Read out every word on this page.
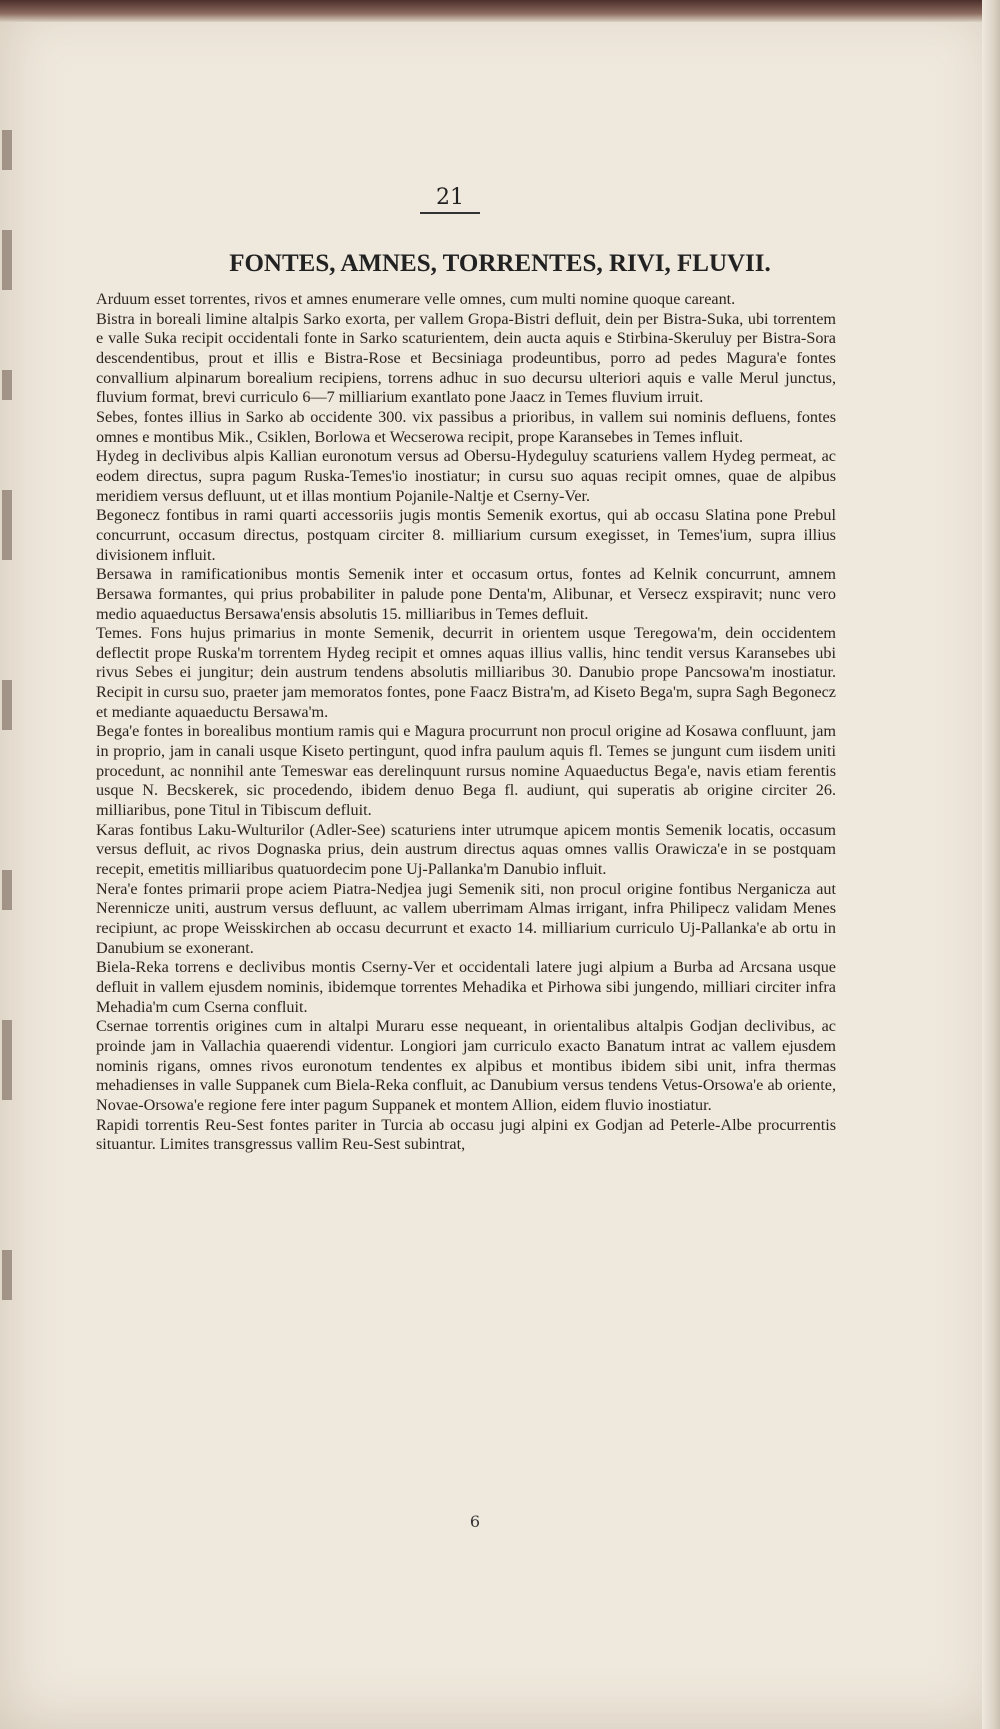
21
FONTES, AMNES, TORRENTES, RIVI, FLUVII.

Arduum esset torrentes, rivos et amnes enumerare velle omnes, cum multi nomine quoque careant.

Bistra in boreali limine altalpis Sarko exorta, per vallem Gropa-Bistri defluit, dein per Bistra-Suka, ubi torrentem e valle Suka recipit occidentali fonte in Sarko scaturientem, dein aucta aquis e Stirbina-Skeruluy per Bistra-Sora descendentibus, prout et illis e Bistra-Rose et Becsiniaga prodeuntibus, porro ad pedes Magura'e fontes convallium alpinarum borealium recipiens, torrens adhuc in suo decursu ulteriori aquis e valle Merul junctus, fluvium format, brevi curriculo 6—7 milliarium exantlato pone Jaacz in Temes fluvium irruit.

Sebes, fontes illius in Sarko ab occidente 300. vix passibus a prioribus, in vallem sui nominis defluens, fontes omnes e montibus Mik., Csiklen, Borlowa et Wecserowa recipit, prope Karansebes in Temes influit.

Hydeg in declivibus alpis Kallian euronotum versus ad Obersu-Hydeguluy scaturiens vallem Hydeg permeat, ac eodem directus, supra pagum Ruska-Temes'io inostiatur; in cursu suo aquas recipit omnes, quae de alpibus meridiem versus defluunt, ut et illas montium Pojanile-Naltje et Cserny-Ver.

Begonecz fontibus in rami quarti accessoriis jugis montis Semenik exortus, qui ab occasu Slatina pone Prebul concurrunt, occasum directus, postquam circiter 8. milliarium cursum exegisset, in Temes'ium, supra illius divisionem influit.

Bersawa in ramificationibus montis Semenik inter et occasum ortus, fontes ad Kelnik concurrunt, amnem Bersawa formantes, qui prius probabiliter in palude pone Denta'm, Alibunar, et Versecz exspiravit; nunc vero medio aquaeductus Bersawa'ensis absolutis 15. milliaribus in Temes defluit.

Temes. Fons hujus primarius in monte Semenik, decurrit in orientem usque Teregowa'm, dein occidentem deflectit prope Ruska'm torrentem Hydeg recipit et omnes aquas illius vallis, hinc tendit versus Karansebes ubi rivus Sebes ei jungitur; dein austrum tendens absolutis milliaribus 30. Danubio prope Pancsowa'm inostiatur. Recipit in cursu suo, praeter jam memoratos fontes, pone Faacz Bistra'm, ad Kiseto Bega'm, supra Sagh Begonecz et mediante aquaeductu Bersawa'm.

Bega'e fontes in borealibus montium ramis qui e Magura procurrunt non procul origine ad Kosawa confluunt, jam in proprio, jam in canali usque Kiseto pertingunt, quod infra paulum aquis fl. Temes se jungunt cum iisdem uniti procedunt, ac nonnihil ante Temeswar eas derelinquunt rursus nomine Aquaeductus Bega'e, navis etiam ferentis usque N. Becskerek, sic procedendo, ibidem denuo Bega fl. audiunt, qui superatis ab origine circiter 26. milliaribus, pone Titul in Tibiscum defluit.

Karas fontibus Laku-Wulturilor (Adler-See) scaturiens inter utrumque apicem montis Semenik locatis, occasum versus defluit, ac rivos Dognaska prius, dein austrum directus aquas omnes vallis Orawicza'e in se postquam recepit, emetitis milliaribus quatuordecim pone Uj-Pallanka'm Danubio influit.

Nera'e fontes primarii prope aciem Piatra-Nedjea jugi Semenik siti, non procul origine fontibus Nerganicza aut Nerennicze uniti, austrum versus defluunt, ac vallem uberrimam Almas irrigant, infra Philipecz validam Menes recipiunt, ac prope Weisskirchen ab occasu decurrunt et exacto 14. milliarium curriculo Uj-Pallanka'e ab ortu in Danubium se exonerant.

Biela-Reka torrens e declivibus montis Cserny-Ver et occidentali latere jugi alpium a Burba ad Arcsana usque defluit in vallem ejusdem nominis, ibidemque torrentes Mehadika et Pirhowa sibi jungendo, milliari circiter infra Mehadia'm cum Cserna confluit.

Csernae torrentis origines cum in altalpi Muraru esse nequeant, in orientalibus altalpis Godjan declivibus, ac proinde jam in Vallachia quaerendi videntur. Longiori jam curriculo exacto Banatum intrat ac vallem ejusdem nominis rigans, omnes rivos euronotum tendentes ex alpibus et montibus ibidem sibi unit, infra thermas mehadienses in valle Suppanek cum Biela-Reka confluit, ac Danubium versus tendens Vetus-Orsowa'e ab oriente, Novae-Orsowa'e regione fere inter pagum Suppanek et montem Allion, eidem fluvio inostiatur.

Rapidi torrentis Reu-Sest fontes pariter in Turcia ab occasu jugi alpini ex Godjan ad Peterle-Albe procurrentis situantur. Limites transgressus vallim Reu-Sest subintrat,

6
